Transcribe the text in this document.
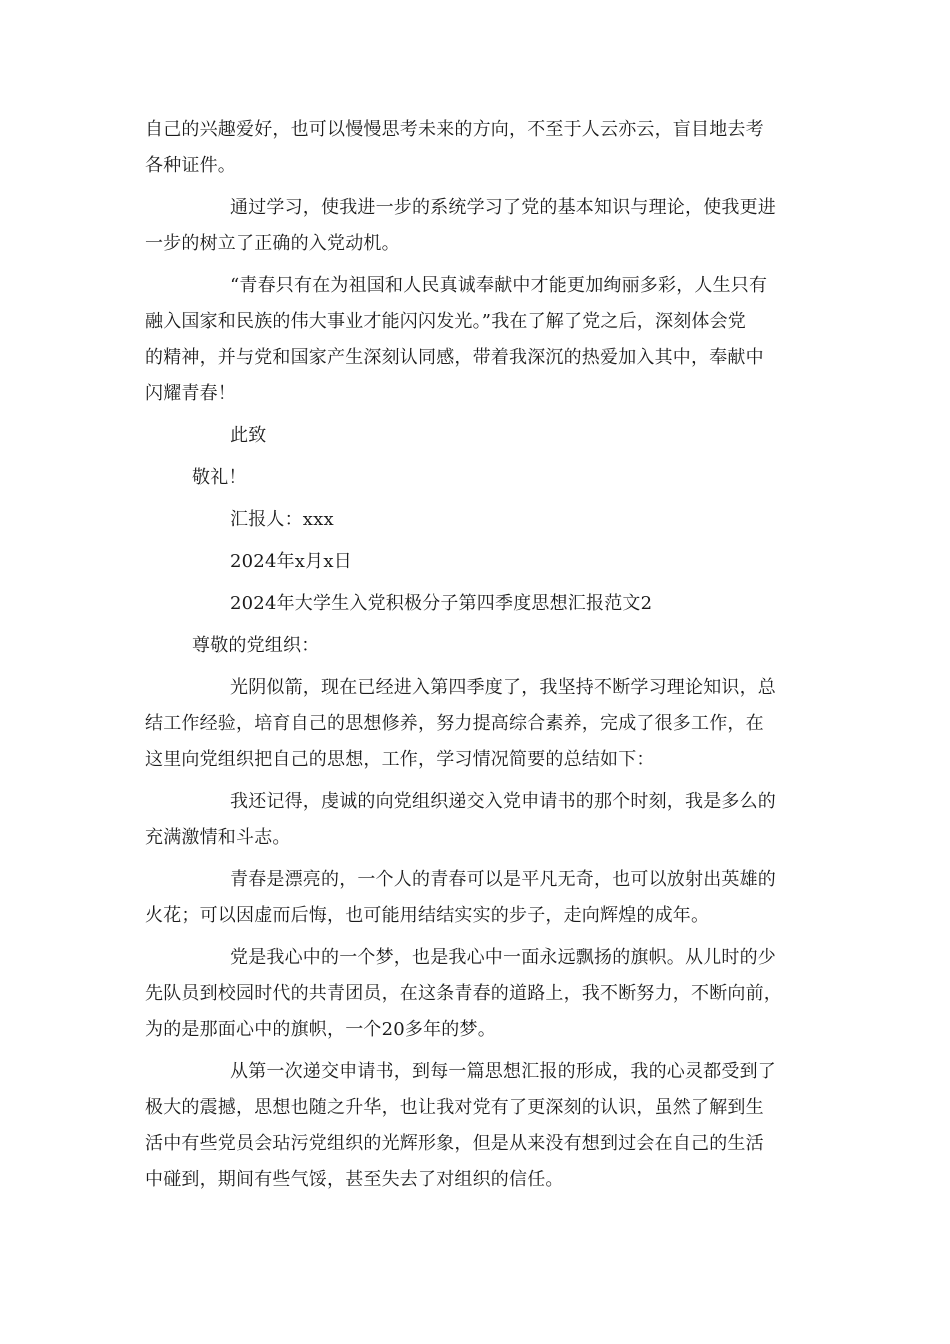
自己的兴趣爱好，也可以慢慢思考未来的方向，不至于人云亦云，盲目地去考
各种证件。
通过学习，使我进一步的系统学习了党的基本知识与理论，使我更进
一步的树立了正确的入党动机。
“青春只有在为祖国和人民真诚奉献中才能更加绚丽多彩，人生只有
融入国家和民族的伟大事业才能闪闪发光。”我在了解了党之后，深刻体会党
的精神，并与党和国家产生深刻认同感，带着我深沉的热爱加入其中，奉献中
闪耀青春！
此致
敬礼！
汇报人：xxx
2024年x月x日
2024年大学生入党积极分子第四季度思想汇报范文2
尊敬的党组织：
光阴似箭，现在已经进入第四季度了，我坚持不断学习理论知识，总
结工作经验，培育自己的思想修养，努力提高综合素养，完成了很多工作，在
这里向党组织把自己的思想，工作，学习情况简要的总结如下：
我还记得，虔诚的向党组织递交入党申请书的那个时刻，我是多么的
充满激情和斗志。
青春是漂亮的，一个人的青春可以是平凡无奇，也可以放射出英雄的
火花；可以因虚而后悔，也可能用结结实实的步子，走向辉煌的成年。
党是我心中的一个梦，也是我心中一面永远飘扬的旗帜。从儿时的少
先队员到校园时代的共青团员，在这条青春的道路上，我不断努力，不断向前，
为的是那面心中的旗帜，一个20多年的梦。
从第一次递交申请书，到每一篇思想汇报的形成，我的心灵都受到了
极大的震撼，思想也随之升华，也让我对党有了更深刻的认识，虽然了解到生
活中有些党员会玷污党组织的光辉形象，但是从来没有想到过会在自己的生活
中碰到，期间有些气馁，甚至失去了对组织的信任。
